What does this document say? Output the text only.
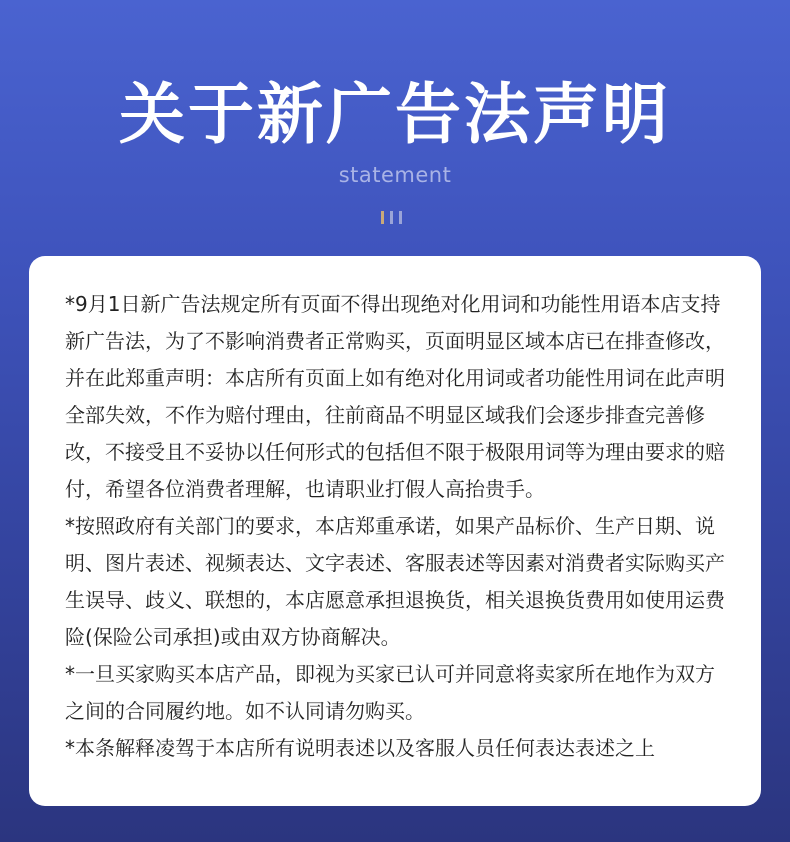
关于新广告法声明
statement

*9月1日新广告法规定所有页面不得出现绝对化用词和功能性用语本店支持新广告法，为了不影响消费者正常购买，页面明显区域本店已在排查修改，并在此郑重声明：本店所有页面上如有绝对化用词或者功能性用词在此声明全部失效，不作为赔付理由，往前商品不明显区域我们会逐步排查完善修改，不接受且不妥协以任何形式的包括但不限于极限用词等为理由要求的赔付，希望各位消费者理解，也请职业打假人高抬贵手。

*按照政府有关部门的要求，本店郑重承诺，如果产品标价、生产日期、说明、图片表述、视频表达、文字表述、客服表述等因素对消费者实际购买产生误导、歧义、联想的，本店愿意承担退换货，相关退换货费用如使用运费险(保险公司承担)或由双方协商解决。

*一旦买家购买本店产品，即视为买家已认可并同意将卖家所在地作为双方之间的合同履约地。如不认同请勿购买。

*本条解释凌驾于本店所有说明表述以及客服人员任何表达表述之上
